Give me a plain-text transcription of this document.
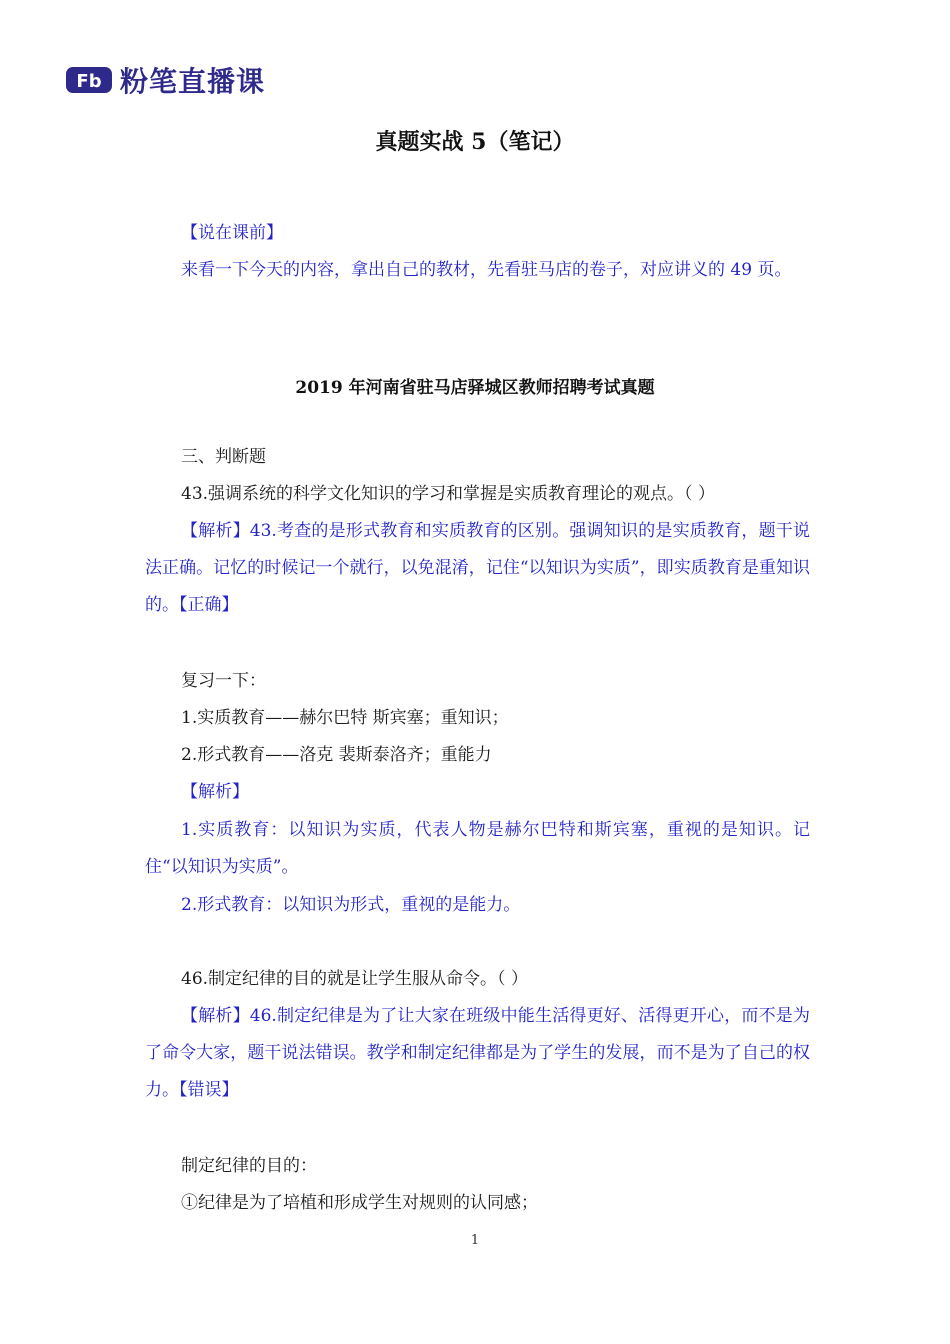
Fb 粉笔直播课
真题实战 5（笔记）

【说在课前】

来看一下今天的内容，拿出自己的教材，先看驻马店的卷子，对应讲义的 49 页。

2019 年河南省驻马店驿城区教师招聘考试真题

三、判断题

43.强调系统的科学文化知识的学习和掌握是实质教育理论的观点。（ ）

【解析】43.考查的是形式教育和实质教育的区别。强调知识的是实质教育，题干说法正确。记忆的时候记一个就行，以免混淆，记住“以知识为实质”，即实质教育是重知识的。【正确】

复习一下：

1.实质教育——赫尔巴特 斯宾塞；重知识；

2.形式教育——洛克 裴斯泰洛齐；重能力

【解析】

1.实质教育：以知识为实质，代表人物是赫尔巴特和斯宾塞，重视的是知识。记住“以知识为实质”。

2.形式教育：以知识为形式，重视的是能力。

46.制定纪律的目的就是让学生服从命令。（ ）

【解析】46.制定纪律是为了让大家在班级中能生活得更好、活得更开心，而不是为了命令大家，题干说法错误。教学和制定纪律都是为了学生的发展，而不是为了自己的权力。【错误】

制定纪律的目的：

①纪律是为了培植和形成学生对规则的认同感；

1
